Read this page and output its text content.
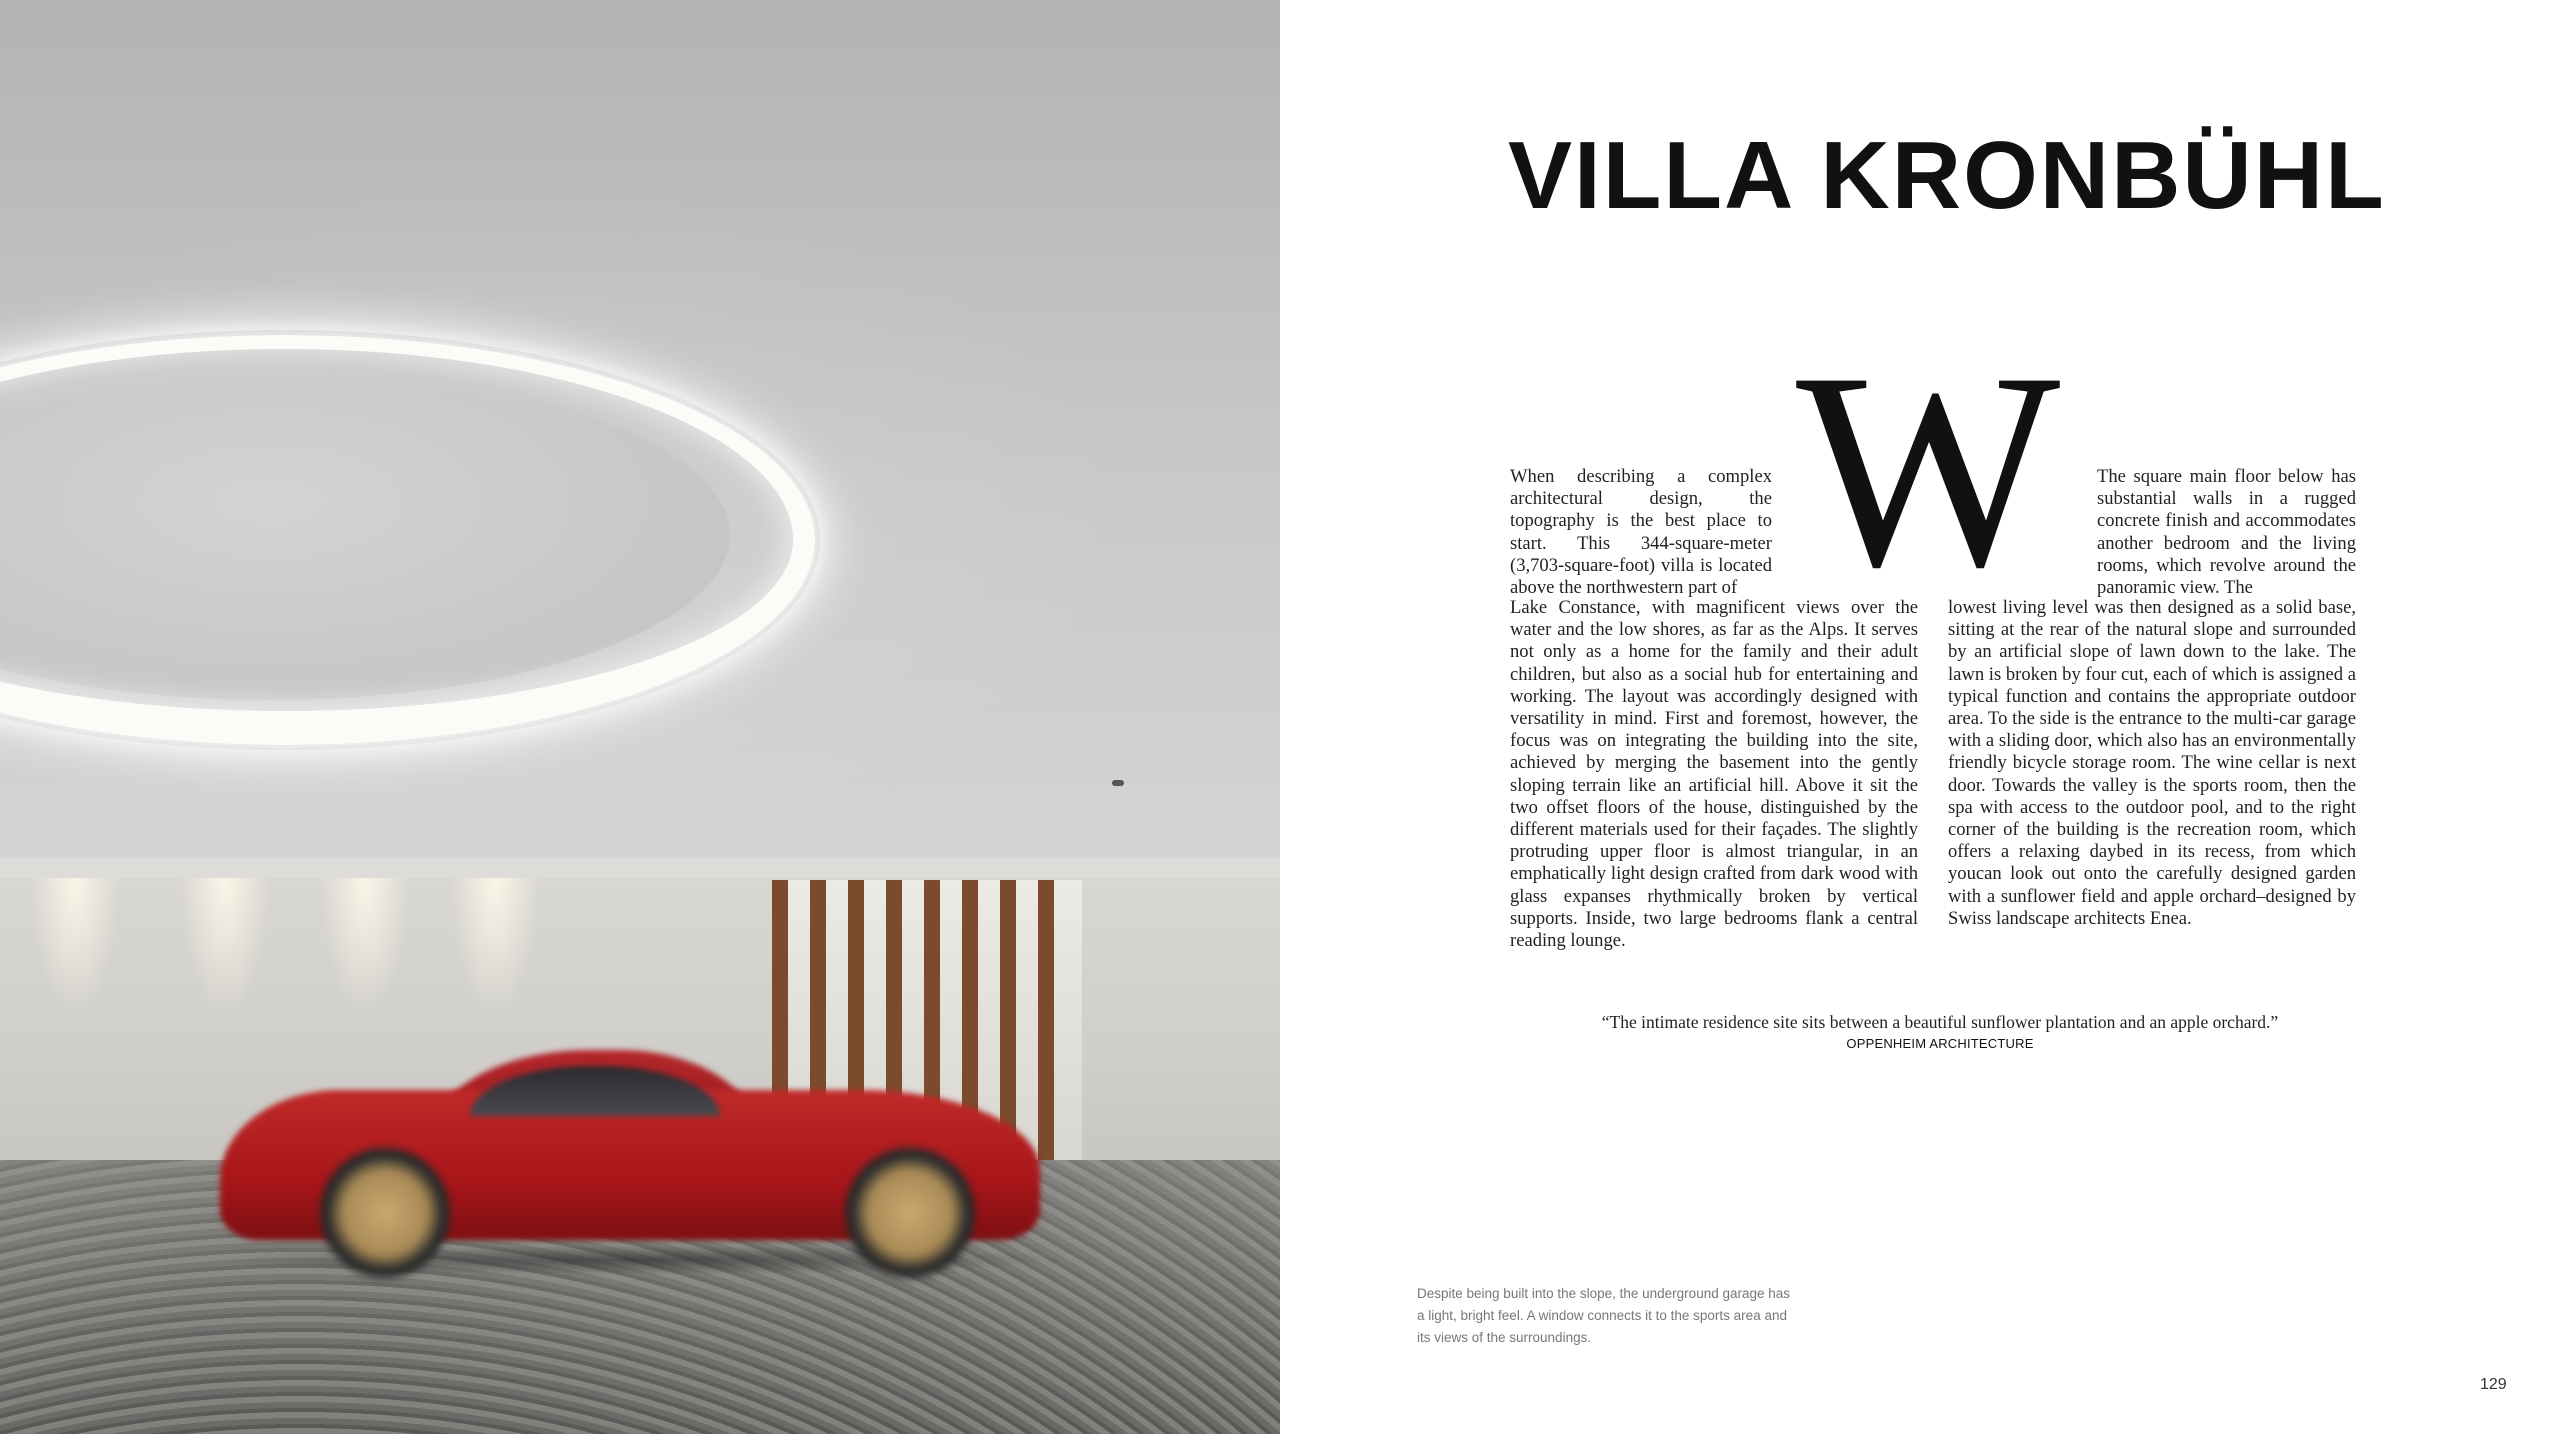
VILLA KRONBÜHL
W

When describing a complex architectural design, the topography is the best place to start. This 344-square-meter (3,703-square-foot) villa is located above the northwestern part of

Lake Constance, with magnificent views over the water and the low shores, as far as the Alps. It serves not only as a home for the family and their adult children, but also as a social hub for entertaining and working. The layout was accordingly designed with versatility in mind. First and foremost, however, the focus was on integrating the building into the site, achieved by merging the basement into the gently sloping terrain like an artificial hill. Above it sit the two offset floors of the house, distinguished by the different materials used for their façades. The slightly protruding upper floor is almost triangular, in an emphatically light design crafted from dark wood with glass expanses rhythmically broken by vertical supports. Inside, two large bedrooms flank a central reading lounge.

The square main floor below has substantial walls in a rugged concrete finish and accommodates another bedroom and the living rooms, which revolve around the panoramic view. The

lowest living level was then designed as a solid base, sitting at the rear of the natural slope and surrounded by an artificial slope of lawn down to the lake. The lawn is broken by four cut, each of which is assigned a typical function and contains the appropriate outdoor area. To the side is the entrance to the multi-car garage with a sliding door, which also has an environmentally friendly bicycle storage room. The wine cellar is next door. Towards the valley is the sports room, then the spa with access to the outdoor pool, and to the right corner of the building is the recreation room, which offers a relaxing daybed in its recess, from which youcan look out onto the carefully designed garden with a sunflower field and apple orchard–designed by Swiss landscape architects Enea.

“The intimate residence site sits between a beautiful sunflower plantation and an apple orchard.”

OPPENHEIM ARCHITECTURE

Despite being built into the slope, the underground garage has a light, bright feel. A window connects it to the sports area and its views of the surroundings.

129
